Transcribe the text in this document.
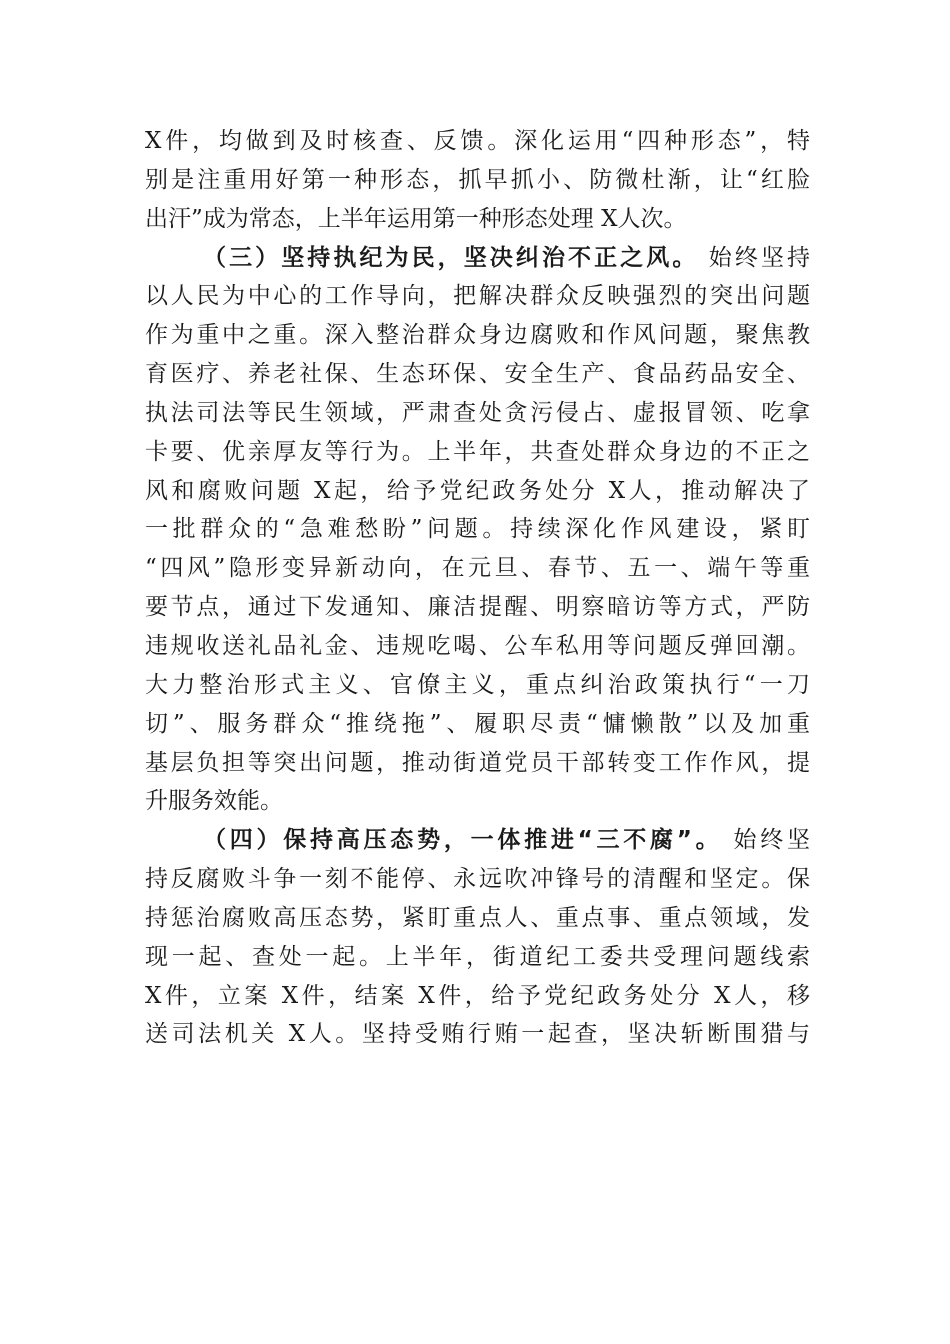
X件，均做到及时核查、反馈。深化运用“四种形态”，特
别是注重用好第一种形态，抓早抓小、防微杜渐，让“红脸
出汗”成为常态，上半年运用第一种形态处理 X人次。
（三）坚持执纪为民，坚决纠治不正之风。 始终坚持
以人民为中心的工作导向，把解决群众反映强烈的突出问题
作为重中之重。深入整治群众身边腐败和作风问题，聚焦教
育医疗、养老社保、生态环保、安全生产、食品药品安全、
执法司法等民生领域，严肃查处贪污侵占、虚报冒领、吃拿
卡要、优亲厚友等行为。上半年，共查处群众身边的不正之
风和腐败问题 X起，给予党纪政务处分 X人，推动解决了
一批群众的“急难愁盼”问题。持续深化作风建设，紧盯
“四风”隐形变异新动向，在元旦、春节、五一、端午等重
要节点，通过下发通知、廉洁提醒、明察暗访等方式，严防
违规收送礼品礼金、违规吃喝、公车私用等问题反弹回潮。
大力整治形式主义、官僚主义，重点纠治政策执行“一刀
切”、服务群众“推绕拖”、履职尽责“慵懒散”以及加重
基层负担等突出问题，推动街道党员干部转变工作作风，提
升服务效能。
（四）保持高压态势，一体推进“三不腐”。 始终坚
持反腐败斗争一刻不能停、永远吹冲锋号的清醒和坚定。保
持惩治腐败高压态势，紧盯重点人、重点事、重点领域，发
现一起、查处一起。上半年，街道纪工委共受理问题线索
X件，立案 X件，结案 X件，给予党纪政务处分 X人，移
送司法机关 X人。坚持受贿行贿一起查，坚决斩断围猎与
